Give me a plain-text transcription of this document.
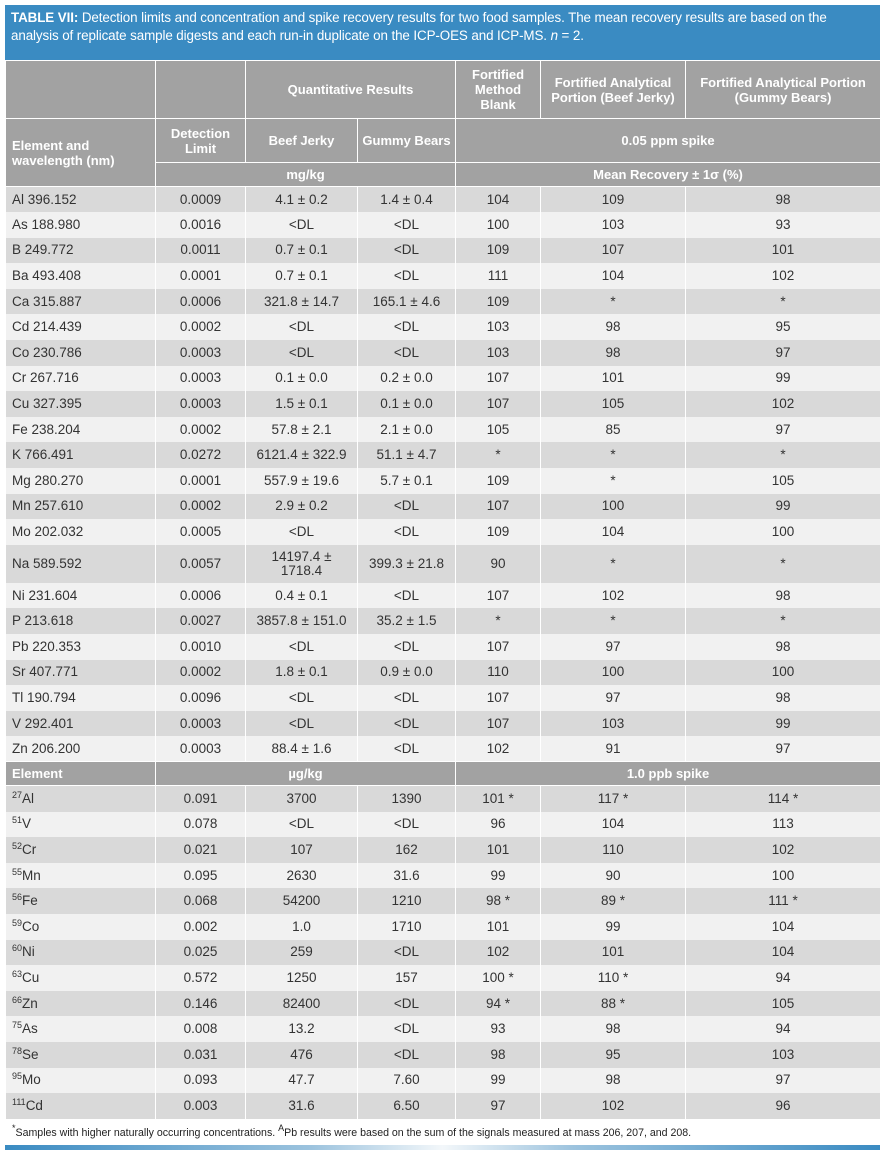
TABLE VII: Detection limits and concentration and spike recovery results for two food samples. The mean recovery results are based on the analysis of replicate sample digests and each run-in duplicate on the ICP-OES and ICP-MS. n = 2.
		Quantitative Results		Fortified Method Blank	Fortified Analytical Portion (Beef Jerky)	Fortified Analytical Portion (Gummy Bears)
Element and wavelength (nm)	Detection Limit	Beef Jerky	Gummy Bears	0.05 ppm spike		
	mg/kg			Mean Recovery ± 1σ (%)		
Al 396.152	0.0009	4.1 ± 0.2	1.4 ± 0.4	104	109	98
As 188.980	0.0016	<DL	<DL	100	103	93
B 249.772	0.0011	0.7 ± 0.1	<DL	109	107	101
Ba 493.408	0.0001	0.7 ± 0.1	<DL	111	104	102
Ca 315.887	0.0006	321.8 ± 14.7	165.1 ± 4.6	109	*	*
Cd 214.439	0.0002	<DL	<DL	103	98	95
Co 230.786	0.0003	<DL	<DL	103	98	97
Cr 267.716	0.0003	0.1 ± 0.0	0.2 ± 0.0	107	101	99
Cu 327.395	0.0003	1.5 ± 0.1	0.1 ± 0.0	107	105	102
Fe 238.204	0.0002	57.8 ± 2.1	2.1 ± 0.0	105	85	97
K 766.491	0.0272	6121.4 ± 322.9	51.1 ± 4.7	*	*	*
Mg 280.270	0.0001	557.9 ± 19.6	5.7 ± 0.1	109	*	105
Mn 257.610	0.0002	2.9 ± 0.2	<DL	107	100	99
Mo 202.032	0.0005	<DL	<DL	109	104	100
Na 589.592	0.0057	14197.4 ± 1718.4	399.3 ± 21.8	90	*	*
Ni 231.604	0.0006	0.4 ± 0.1	<DL	107	102	98
P 213.618	0.0027	3857.8 ± 151.0	35.2 ± 1.5	*	*	*
Pb 220.353	0.0010	<DL	<DL	107	97	98
Sr 407.771	0.0002	1.8 ± 0.1	0.9 ± 0.0	110	100	100
Tl 190.794	0.0096	<DL	<DL	107	97	98
V 292.401	0.0003	<DL	<DL	107	103	99
Zn 206.200	0.0003	88.4 ± 1.6	<DL	102	91	97
Element	µg/kg			1.0 ppb spike		
$^{27}$Al	0.091	3700	1390	101 *	117 *	114 *
$^{51}$V	0.078	<DL	<DL	96	104	113
$^{52}$Cr	0.021	107	162	101	110	102
$^{55}$Mn	0.095	2630	31.6	99	90	100
$^{56}$Fe	0.068	54200	1210	98 *	89 *	111 *
$^{59}$Co	0.002	1.0	1710	101	99	104
$^{60}$Ni	0.025	259	<DL	102	101	104
$^{63}$Cu	0.572	1250	157	100 *	110 *	94
$^{66}$Zn	0.146	82400	<DL	94 *	88 *	105
$^{75}$As	0.008	13.2	<DL	93	98	94
$^{78}$Se	0.031	476	<DL	98	95	103
$^{95}$Mo	0.093	47.7	7.60	99	98	97
$^{111}$Cd	0.003	31.6	6.50	97	102	96
*Samples with higher naturally occurring concentrations. $^A$Pb results were based on the sum of the signals measured at mass 206, 207, and 208.
